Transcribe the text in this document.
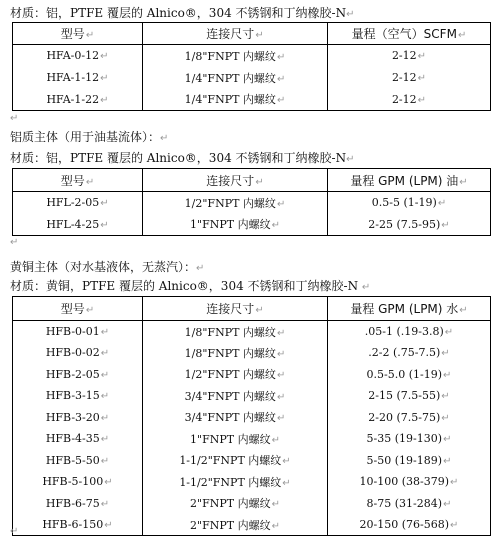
材质：铝，PTFE 覆层的 Alnico®，304 不锈钢和丁纳橡胶-N↵
型号↵	连接尺寸↵	量程（空气）SCFM↵
HFA-0-12↵	1/8"FNPT 内螺纹↵	2-12↵
HFA-1-12↵	1/4"FNPT 内螺纹↵	2-12↵
HFA-1-22↵	1/4"FNPT 内螺纹↵	2-12↵
↵
铝质主体（用于油基流体）：↵
材质：铝，PTFE 覆层的 Alnico®，304 不锈钢和丁纳橡胶-N↵
型号↵	连接尺寸↵	量程 GPM (LPM) 油↵
HFL-2-05↵	1/2"FNPT 内螺纹↵	0.5-5 (1-19)↵
HFL-4-25↵	1"FNPT 内螺纹↵	2-25 (7.5-95)↵
↵
黄铜主体（对水基液体，无蒸汽）：↵
材质：黄铜，PTFE 覆层的 Alnico®，304 不锈钢和丁纳橡胶-N ↵
型号↵	连接尺寸↵	量程 GPM (LPM) 水↵
HFB-0-01↵	1/8"FNPT 内螺纹↵	.05-1 (.19-3.8)↵
HFB-0-02↵	1/8"FNPT 内螺纹↵	.2-2 (.75-7.5)↵
HFB-2-05↵	1/2"FNPT 内螺纹↵	0.5-5.0 (1-19)↵
HFB-3-15↵	3/4"FNPT 内螺纹↵	2-15 (7.5-55)↵
HFB-3-20↵	3/4"FNPT 内螺纹↵	2-20 (7.5-75)↵
HFB-4-35↵	1"FNPT 内螺纹↵	5-35 (19-130)↵
HFB-5-50↵	1-1/2"FNPT 内螺纹↵	5-50 (19-189)↵
HFB-5-100↵	1-1/2"FNPT 内螺纹↵	10-100 (38-379)↵
HFB-6-75↵	2"FNPT 内螺纹↵	8-75 (31-284)↵
HFB-6-150↵	2"FNPT 内螺纹↵	20-150 (76-568)↵
↵
